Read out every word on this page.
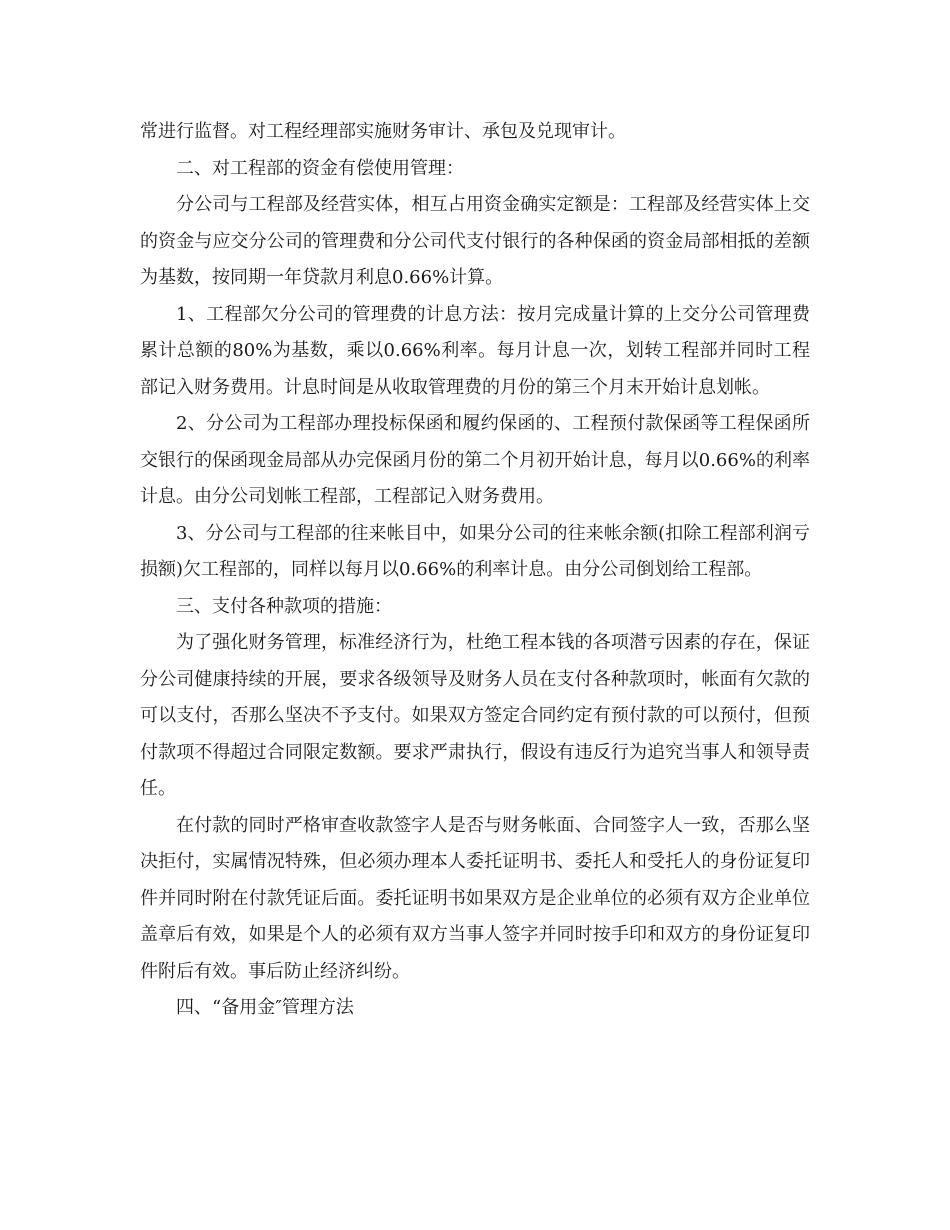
常进行监督。对工程经理部实施财务审计、承包及兑现审计。

二、对工程部的资金有偿使用管理：

分公司与工程部及经营实体，相互占用资金确实定额是：工程部及经营实体上交的资金与应交分公司的管理费和分公司代支付银行的各种保函的资金局部相抵的差额为基数，按同期一年贷款月利息0.66%计算。

1、工程部欠分公司的管理费的计息方法：按月完成量计算的上交分公司管理费累计总额的80%为基数，乘以0.66%利率。每月计息一次，划转工程部并同时工程部记入财务费用。计息时间是从收取管理费的月份的第三个月末开始计息划帐。

2、分公司为工程部办理投标保函和履约保函的、工程预付款保函等工程保函所交银行的保函现金局部从办完保函月份的第二个月初开始计息，每月以0.66%的利率计息。由分公司划帐工程部，工程部记入财务费用。

3、分公司与工程部的往来帐目中，如果分公司的往来帐余额(扣除工程部利润亏损额)欠工程部的，同样以每月以0.66%的利率计息。由分公司倒划给工程部。

三、支付各种款项的措施：

为了强化财务管理，标准经济行为，杜绝工程本钱的各项潜亏因素的存在，保证分公司健康持续的开展，要求各级领导及财务人员在支付各种款项时，帐面有欠款的可以支付，否那么坚决不予支付。如果双方签定合同约定有预付款的可以预付，但预付款项不得超过合同限定数额。要求严肃执行，假设有违反行为追究当事人和领导责任。

在付款的同时严格审查收款签字人是否与财务帐面、合同签字人一致，否那么坚决拒付，实属情况特殊，但必须办理本人委托证明书、委托人和受托人的身份证复印件并同时附在付款凭证后面。委托证明书如果双方是企业单位的必须有双方企业单位盖章后有效，如果是个人的必须有双方当事人签字并同时按手印和双方的身份证复印件附后有效。事后防止经济纠纷。

四、“备用金″管理方法
